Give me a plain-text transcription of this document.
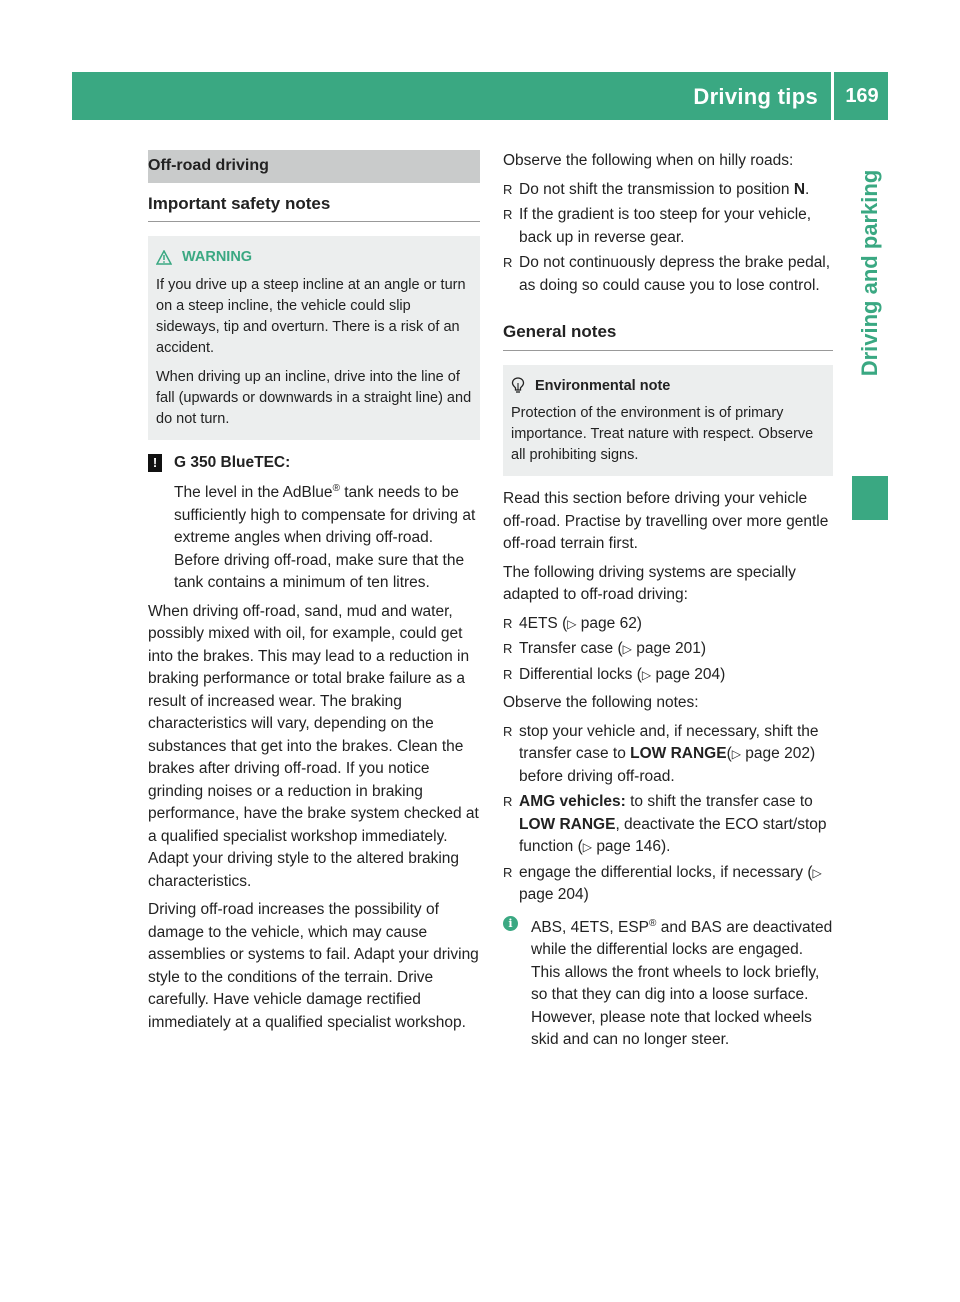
Driving tips	169
Driving and parking
Off-road driving
Important safety notes
WARNING

If you drive up a steep incline at an angle or turn on a steep incline, the vehicle could slip sideways, tip and overturn. There is a risk of an accident.

When driving up an incline, drive into the line of fall (upwards or downwards in a straight line) and do not turn.

!	G 350 BlueTEC:
The level in the AdBlue® tank needs to be sufficiently high to compensate for driving at extreme angles when driving off-road. Before driving off-road, make sure that the tank contains a minimum of ten litres.

When driving off-road, sand, mud and water, possibly mixed with oil, for example, could get into the brakes. This may lead to a reduction in braking performance or total brake failure as a result of increased wear. The braking characteristics will vary, depending on the substances that get into the brakes. Clean the brakes after driving off-road. If you notice grinding noises or a reduction in braking performance, have the brake system checked at a qualified specialist workshop immediately. Adapt your driving style to the altered braking characteristics.

Driving off-road increases the possibility of damage to the vehicle, which may cause assemblies or systems to fail. Adapt your driving style to the conditions of the terrain. Drive carefully. Have vehicle damage rectified immediately at a qualified specialist workshop.

Observe the following when on hilly roads:

R Do not shift the transmission to position N.
R If the gradient is too steep for your vehicle, back up in reverse gear.
R Do not continuously depress the brake pedal, as doing so could cause you to lose control.
General notes
Environmental note

Protection of the environment is of primary importance. Treat nature with respect. Observe all prohibiting signs.

Read this section before driving your vehicle off-road. Practise by travelling over more gentle off-road terrain first.

The following driving systems are specially adapted to off-road driving:

R 4ETS (▷ page 62)
R Transfer case (▷ page 201)
R Differential locks (▷ page 204)

Observe the following notes:

R stop your vehicle and, if necessary, shift the transfer case to LOW RANGE(▷ page 202) before driving off-road.
R AMG vehicles: to shift the transfer case to LOW RANGE, deactivate the ECO start/stop function (▷ page 146).
R engage the differential locks, if necessary (▷ page 204)
i	ABS, 4ETS, ESP® and BAS are deactivated while the differential locks are engaged. This allows the front wheels to lock briefly, so that they can dig into a loose surface. However, please note that locked wheels skid and can no longer steer.
